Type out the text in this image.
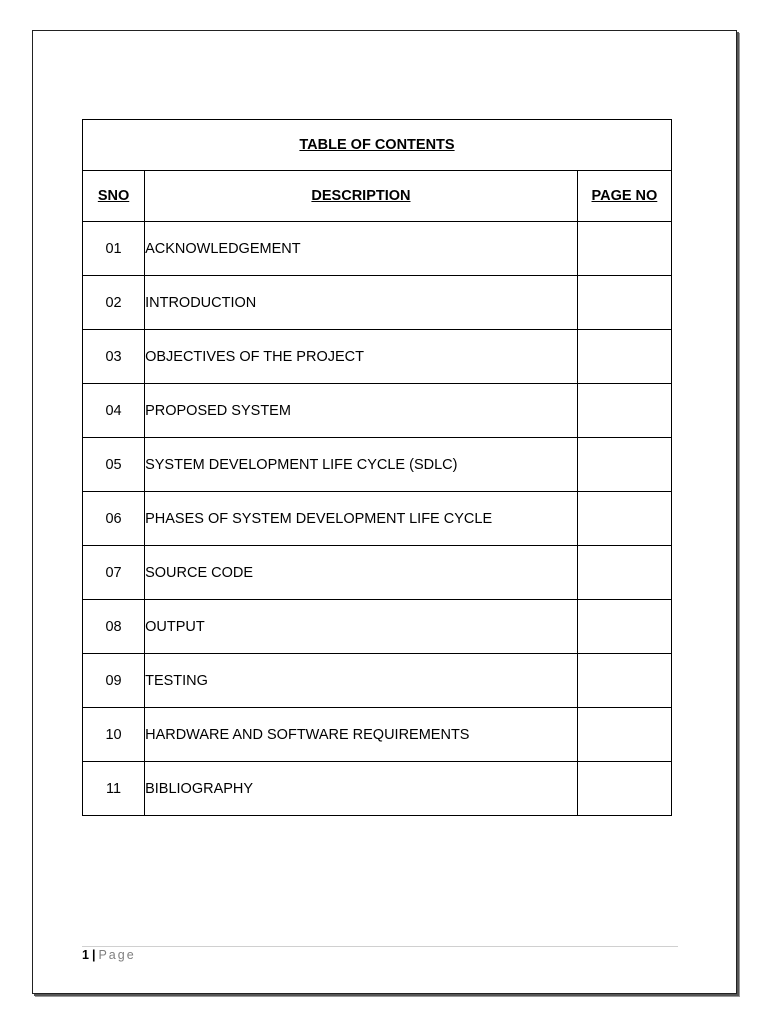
TABLE OF CONTENTS		
SNO	DESCRIPTION	PAGE NO
01	ACKNOWLEDGEMENT	
02	INTRODUCTION	
03	OBJECTIVES OF THE PROJECT	
04	PROPOSED SYSTEM	
05	SYSTEM DEVELOPMENT LIFE CYCLE (SDLC)	
06	PHASES OF SYSTEM DEVELOPMENT LIFE CYCLE	
07	SOURCE CODE	
08	OUTPUT	
09	TESTING	
10	HARDWARE AND SOFTWARE REQUIREMENTS	
11	BIBLIOGRAPHY	
1 | Page
